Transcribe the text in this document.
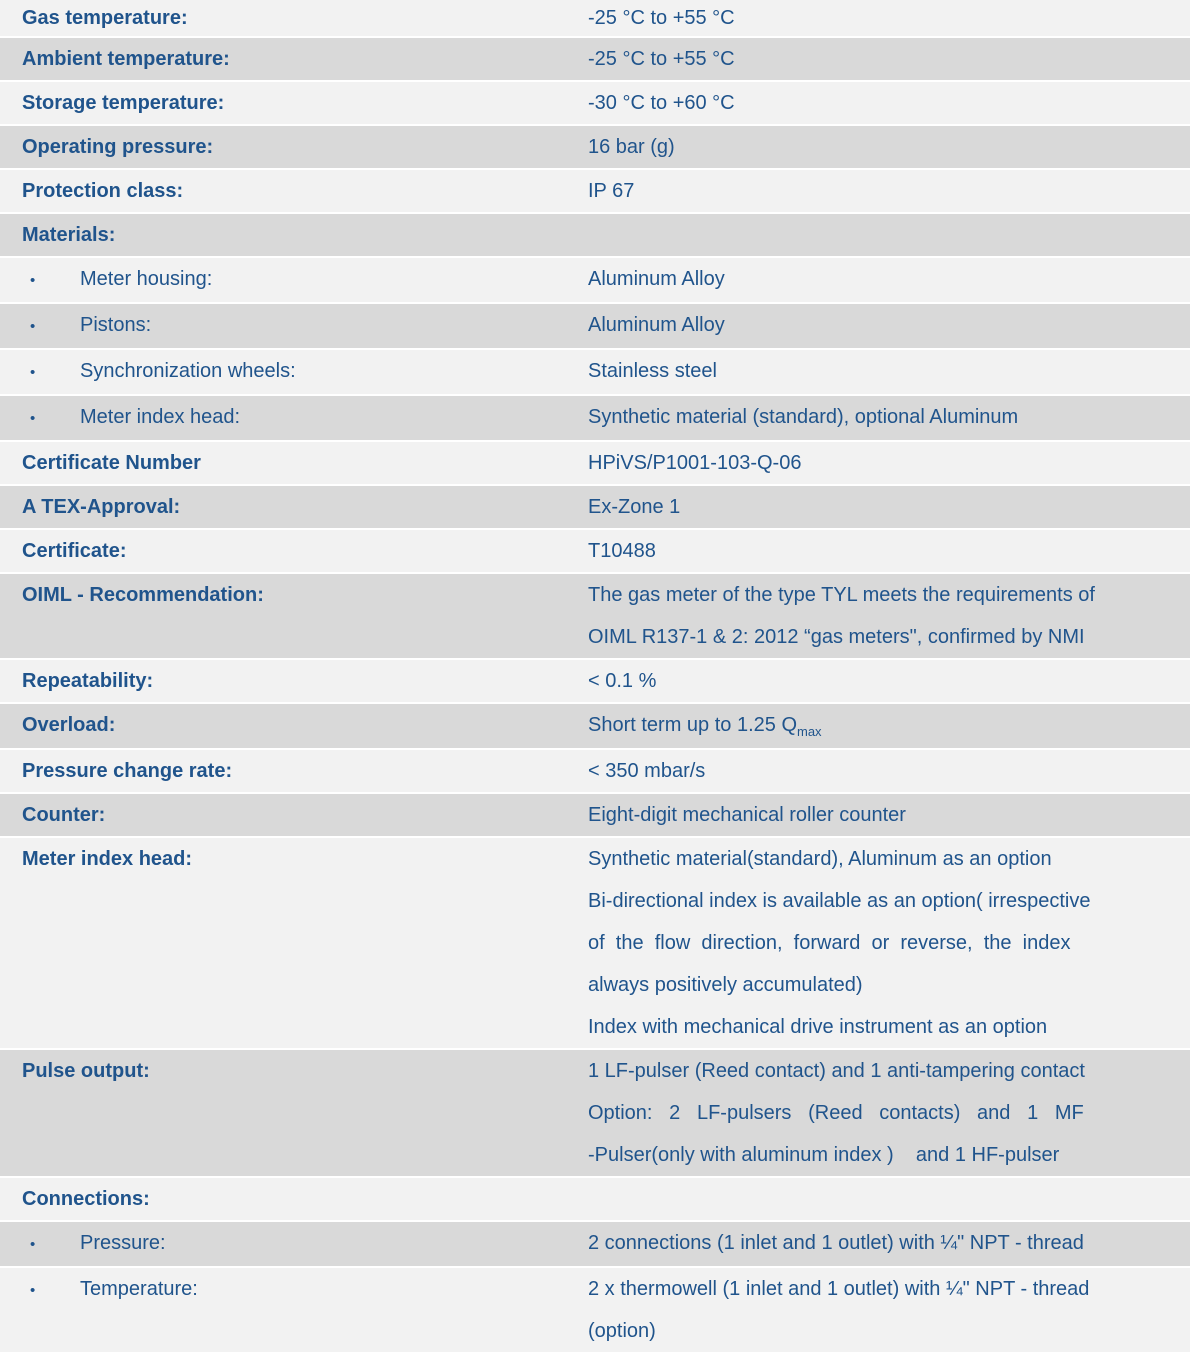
Gas temperature:	-25 °C to +55 °C
Ambient temperature:	-25 °C to +55 °C
Storage temperature:	-30 °C to +60 °C
Operating pressure:	16 bar (g)
Protection class:	IP 67
Materials:
• Meter housing:	Aluminum Alloy
• Pistons:	Aluminum Alloy
• Synchronization wheels:	Stainless steel
• Meter index head:	Synthetic material (standard), optional Aluminum
Certificate Number	HPiVS/P1001-103-Q-06
A TEX-Approval:	Ex-Zone 1
Certificate:	T10488
OIML - Recommendation:	The gas meter of the type TYL meets the requirements of
OIML R137-1 & 2: 2012 “gas meters", confirmed by NMI
Repeatability:	< 0.1 %
Overload:	Short term up to 1.25 $Q_{max}$
Pressure change rate:	< 350 mbar/s
Counter:	Eight-digit mechanical roller counter
Meter index head:	Synthetic material(standard), Aluminum as an option
Bi-directional index is available as an option( irrespective
of  the  flow  direction,  forward  or  reverse,  the  index
always positively accumulated)
Index with mechanical drive instrument as an option
Pulse output:	1 LF-pulser (Reed contact) and 1 anti-tampering contact
Option:   2   LF-pulsers   (Reed   contacts)   and   1   MF
-Pulser(only with aluminum index )    and 1 HF-pulser
Connections:
• Pressure:	2 connections (1 inlet and 1 outlet) with ¼" NPT - thread
• Temperature:	2 x thermowell (1 inlet and 1 outlet) with ¼" NPT - thread
(option)
